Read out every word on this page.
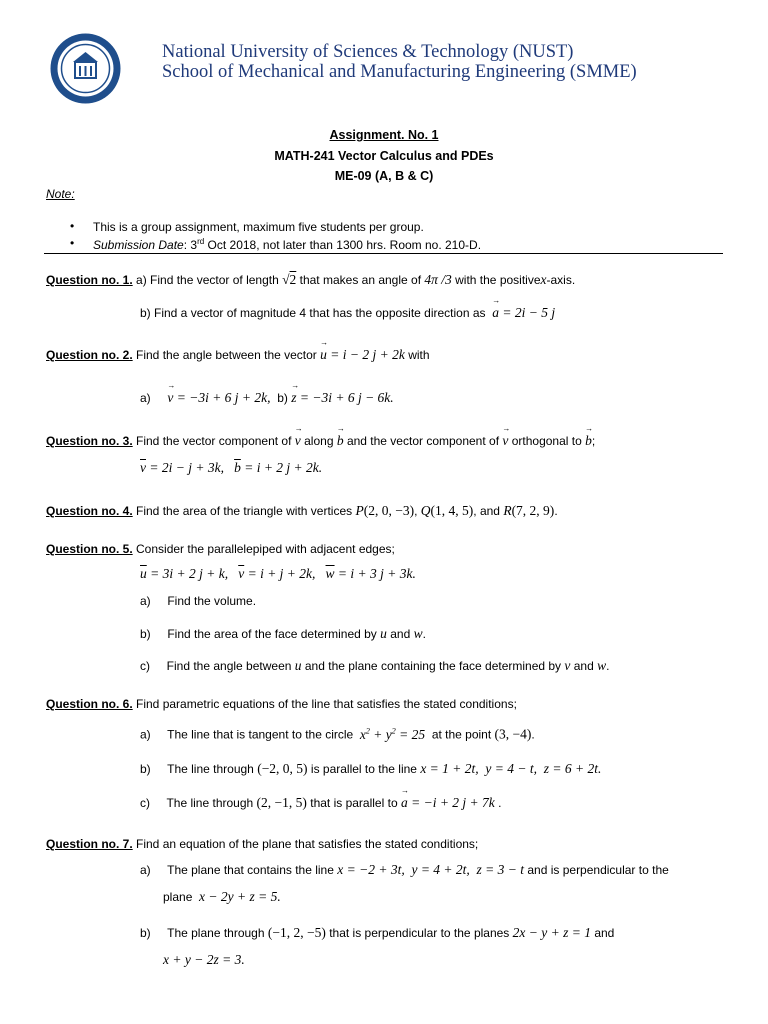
National University of Sciences & Technology (NUST)
School of Mechanical and Manufacturing Engineering (SMME)
Assignment. No. 1
MATH-241 Vector Calculus and PDEs
ME-09 (A, B & C)
Note:
• This is a group assignment, maximum five students per group.
• Submission Date: 3rd Oct 2018, not later than 1300 hrs. Room no. 210-D.
Question no. 1. a) Find the vector of length √2 that makes an angle of 4π /3 with the positivex-axis.
b) Find a vector of magnitude 4 that has the opposite direction as → a = 2i − 5 j
Question no. 2. Find the angle between the vector → u = i − 2 j + 2k with
a) → v = −3i + 6 j + 2k, b) → z = −3i + 6 j − 6k.
Question no. 3. Find the vector component of → v along → b and the vector component of → v orthogonal to → b;
$\overline{v} = 2i - j + 3k$,   $\overline{b} = i + 2$ j + 2k.
Question no. 4. Find the area of the triangle with vertices P(2, 0, −3), Q(1, 4, 5), and R(7, 2, 9).
Question no. 5. Consider the parallelepiped with adjacent edges;
$\overline{u} = 3i + 2$ j + k,   $\overline{v} = i + j + 2k$,   $\overline{w} = i + 3$ j + 3k.
a) Find the volume.
b) Find the area of the face determined by u and w.
c) Find the angle between u and the plane containing the face determined by v and w.
Question no. 6. Find parametric equations of the line that satisfies the stated conditions;
a) The line that is tangent to the circle $x^2 + y^2 = 25$ at the point (3, −4).
b) The line through (−2, 0, 5) is parallel to the line x = 1 + 2t,  y = 4 − t,  z = 6 + 2t.
c) The line through (2, −1, 5) that is parallel to → a = −i + 2 j + 7k .
Question no. 7. Find an equation of the plane that satisfies the stated conditions;
a) The plane that contains the line x = −2 + 3t,  y = 4 + 2t,  z = 3 − t and is perpendicular to the
plane x − 2y + z = 5.
b) The plane through (−1, 2, −5) that is perpendicular to the planes 2x − y + z = 1 and
x + y − 2z = 3.
